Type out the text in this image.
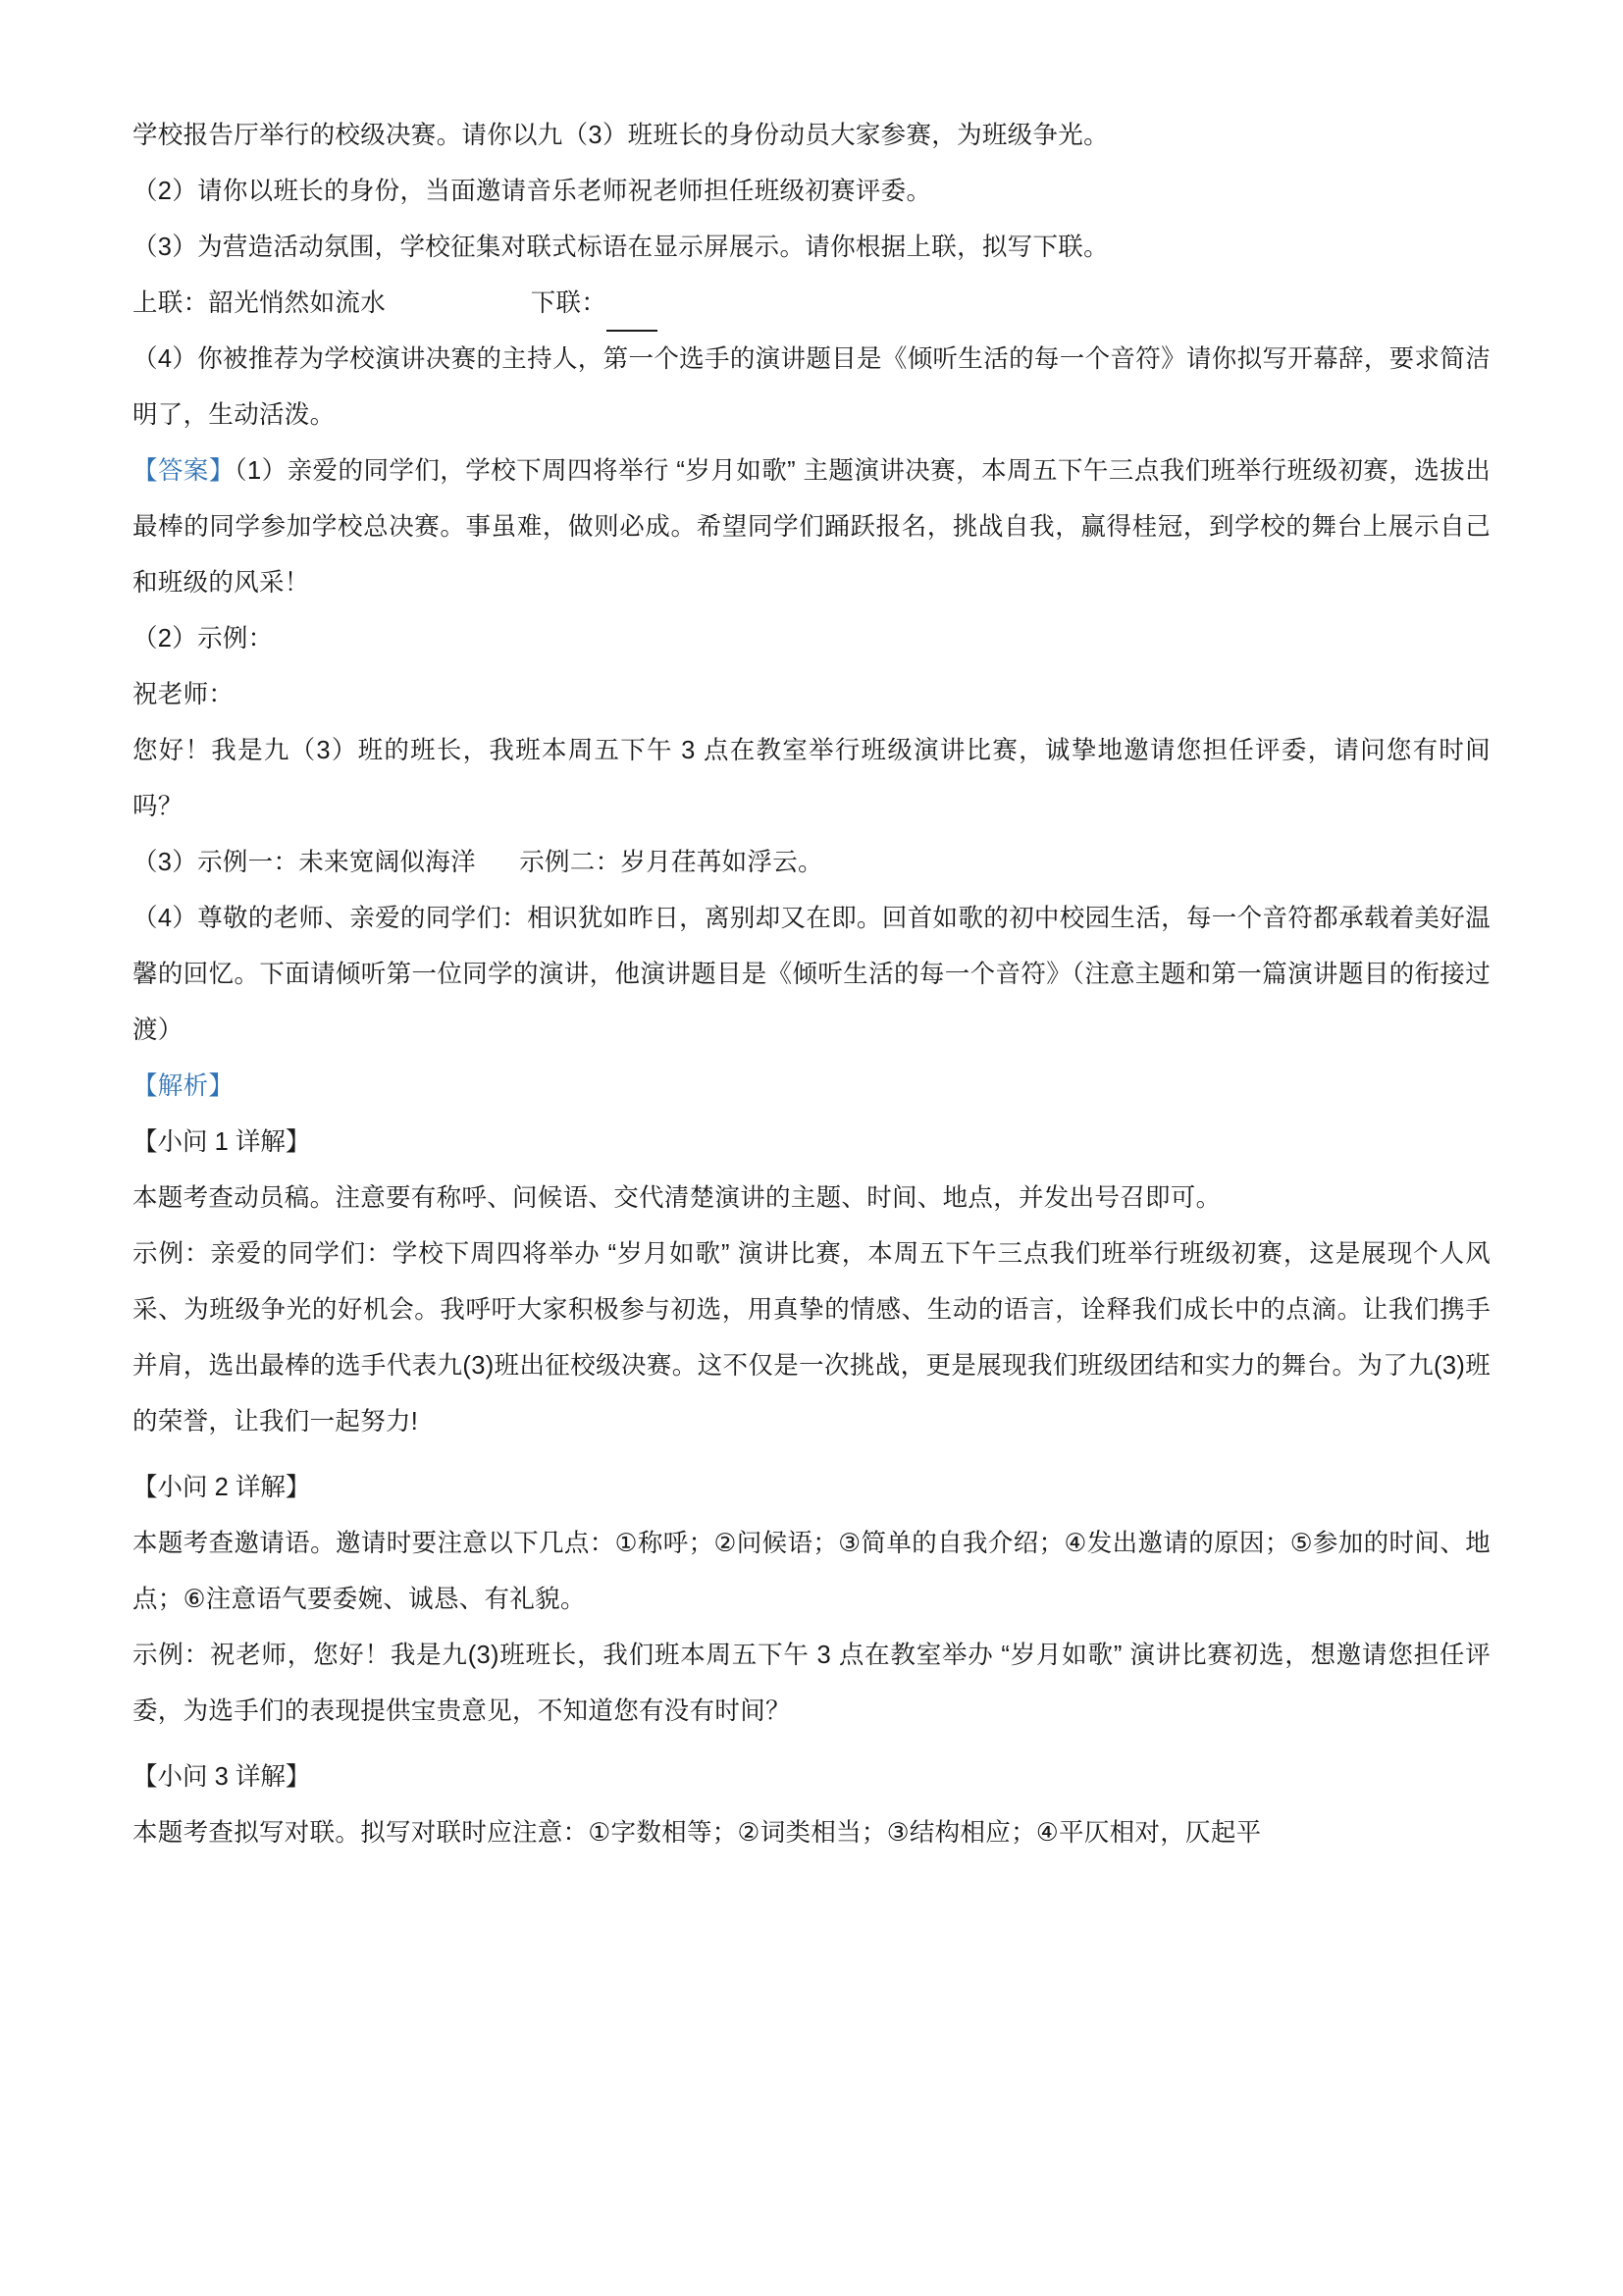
学校报告厅举行的校级决赛。请你以九（3）班班长的身份动员大家参赛，为班级争光。
（2）请你以班长的身份，当面邀请音乐老师祝老师担任班级初赛评委。
（3）为营造活动氛围，学校征集对联式标语在显示屏展示。请你根据上联，拟写下联。
上联：韶光悄然如流水
	下联：
（4）你被推荐为学校演讲决赛的主持人，第一个选手的演讲题目是《倾听生活的每一个音符》请你拟写开幕辞，要求简洁明了，生动活泼。
【答案】（1）亲爱的同学们，学校下周四将举行 “岁月如歌” 主题演讲决赛，本周五下午三点我们班举行班级初赛，选拔出最棒的同学参加学校总决赛。事虽难，做则必成。希望同学们踊跃报名，挑战自我，赢得桂冠，到学校的舞台上展示自己和班级的风采！
（2）示例：
祝老师：
您好！我是九（3）班的班长，我班本周五下午 3 点在教室举行班级演讲比赛，诚挚地邀请您担任评委，请问您有时间吗？
（3）示例一：未来宽阔似海洋      示例二：岁月荏苒如浮云。
（4）尊敬的老师、亲爱的同学们：相识犹如昨日，离别却又在即。回首如歌的初中校园生活，每一个音符都承载着美好温馨的回忆。下面请倾听第一位同学的演讲，他演讲题目是《倾听生活的每一个音符》（注意主题和第一篇演讲题目的衔接过渡）
【解析】
【小问 1 详解】
本题考查动员稿。注意要有称呼、问候语、交代清楚演讲的主题、时间、地点，并发出号召即可。
示例：亲爱的同学们：学校下周四将举办 “岁月如歌” 演讲比赛，本周五下午三点我们班举行班级初赛，这是展现个人风采、为班级争光的好机会。我呼吁大家积极参与初选，用真挚的情感、生动的语言，诠释我们成长中的点滴。让我们携手并肩，选出最棒的选手代表九(3)班出征校级决赛。这不仅是一次挑战，更是展现我们班级团结和实力的舞台。为了九(3)班的荣誉，让我们一起努力!
【小问 2 详解】
本题考查邀请语。邀请时要注意以下几点：①称呼；②问候语；③简单的自我介绍；④发出邀请的原因；⑤参加的时间、地点；⑥注意语气要委婉、诚恳、有礼貌。
示例：祝老师，您好！我是九(3)班班长，我们班本周五下午 3 点在教室举办 “岁月如歌” 演讲比赛初选，想邀请您担任评委，为选手们的表现提供宝贵意见，不知道您有没有时间？
【小问 3 详解】
本题考查拟写对联。拟写对联时应注意：①字数相等；②词类相当；③结构相应；④平仄相对，仄起平
